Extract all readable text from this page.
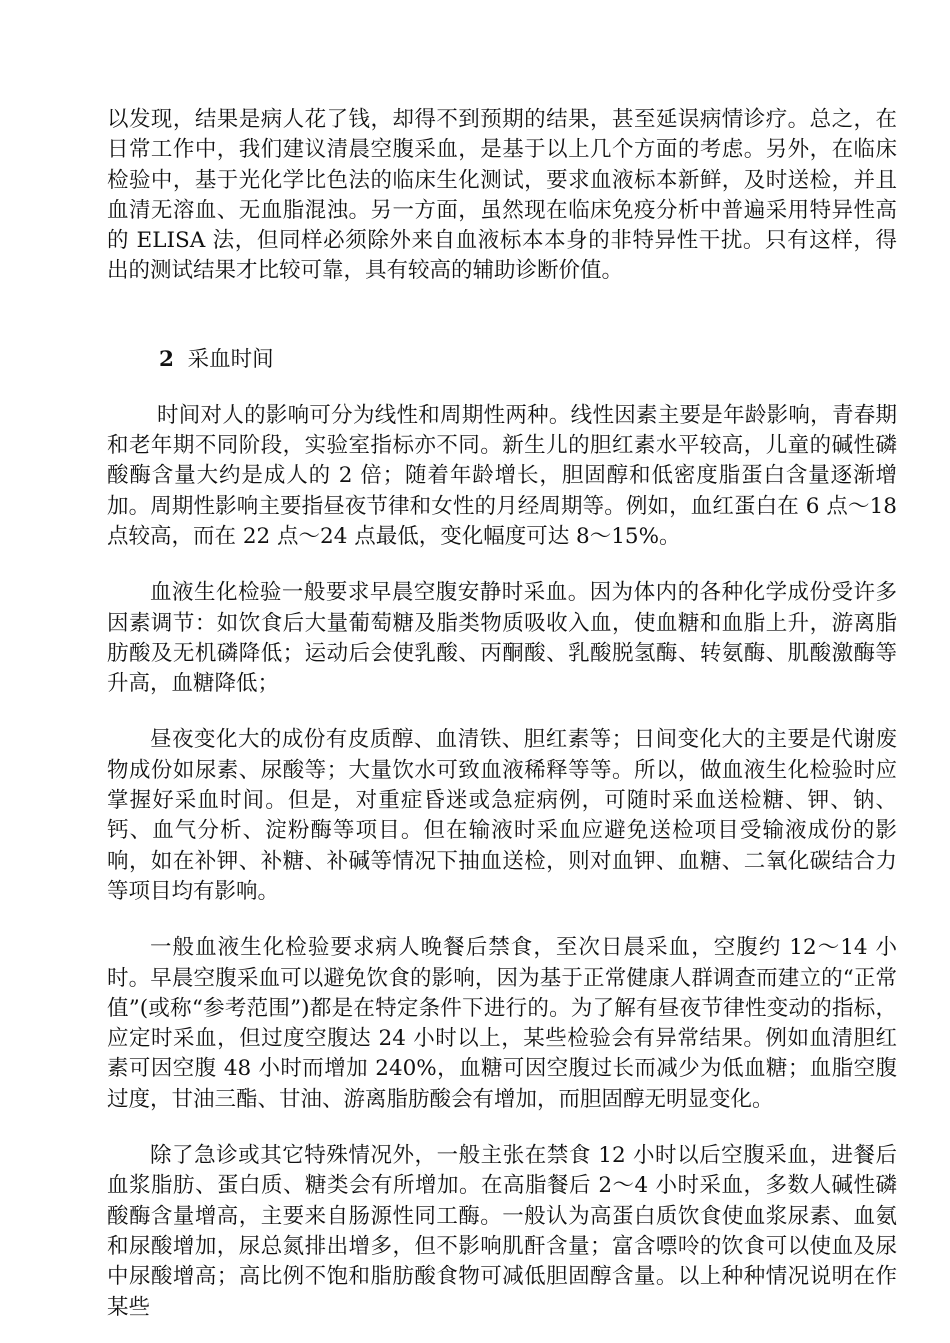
以发现，结果是病人花了钱，却得不到预期的结果，甚至延误病情诊疗。总之，在日常工作中，我们建议清晨空腹采血，是基于以上几个方面的考虑。另外，在临床检验中，基于光化学比色法的临床生化测试，要求血液标本新鲜，及时送检，并且血清无溶血、无血脂混浊。另一方面，虽然现在临床免疫分析中普遍采用特异性高的 ELISA 法，但同样必须除外来自血液标本本身的非特异性干扰。只有这样，得出的测试结果才比较可靠，具有较高的辅助诊断价值。

2 采血时间

时间对人的影响可分为线性和周期性两种。线性因素主要是年龄影响，青春期和老年期不同阶段，实验室指标亦不同。新生儿的胆红素水平较高，儿童的碱性磷酸酶含量大约是成人的 2 倍；随着年龄增长，胆固醇和低密度脂蛋白含量逐渐增加。周期性影响主要指昼夜节律和女性的月经周期等。例如，血红蛋白在 6 点～18 点较高，而在 22 点～24 点最低，变化幅度可达 8～15%。

血液生化检验一般要求早晨空腹安静时采血。因为体内的各种化学成份受许多因素调节：如饮食后大量葡萄糖及脂类物质吸收入血，使血糖和血脂上升，游离脂肪酸及无机磷降低；运动后会使乳酸、丙酮酸、乳酸脱氢酶、转氨酶、肌酸激酶等升高，血糖降低；

昼夜变化大的成份有皮质醇、血清铁、胆红素等；日间变化大的主要是代谢废物成份如尿素、尿酸等；大量饮水可致血液稀释等等。所以，做血液生化检验时应掌握好采血时间。但是，对重症昏迷或急症病例，可随时采血送检糖、钾、钠、钙、血气分析、淀粉酶等项目。但在输液时采血应避免送检项目受输液成份的影响，如在补钾、补糖、补碱等情况下抽血送检，则对血钾、血糖、二氧化碳结合力等项目均有影响。

一般血液生化检验要求病人晚餐后禁食，至次日晨采血，空腹约 12～14 小时。早晨空腹采血可以避免饮食的影响，因为基于正常健康人群调查而建立的“正常值”(或称“参考范围”)都是在特定条件下进行的。为了解有昼夜节律性变动的指标，应定时采血，但过度空腹达 24 小时以上，某些检验会有异常结果。例如血清胆红素可因空腹 48 小时而增加 240%，血糖可因空腹过长而减少为低血糖；血脂空腹过度，甘油三酯、甘油、游离脂肪酸会有增加，而胆固醇无明显变化。

除了急诊或其它特殊情况外，一般主张在禁食 12 小时以后空腹采血，进餐后血浆脂肪、蛋白质、糖类会有所增加。在高脂餐后 2～4 小时采血，多数人碱性磷酸酶含量增高，主要来自肠源性同工酶。一般认为高蛋白质饮食使血浆尿素、血氨和尿酸增加，尿总氮排出增多，但不影响肌酐含量；富含嘌呤的饮食可以使血及尿中尿酸增高；高比例不饱和脂肪酸食物可减低胆固醇含量。以上种种情况说明在作某些
